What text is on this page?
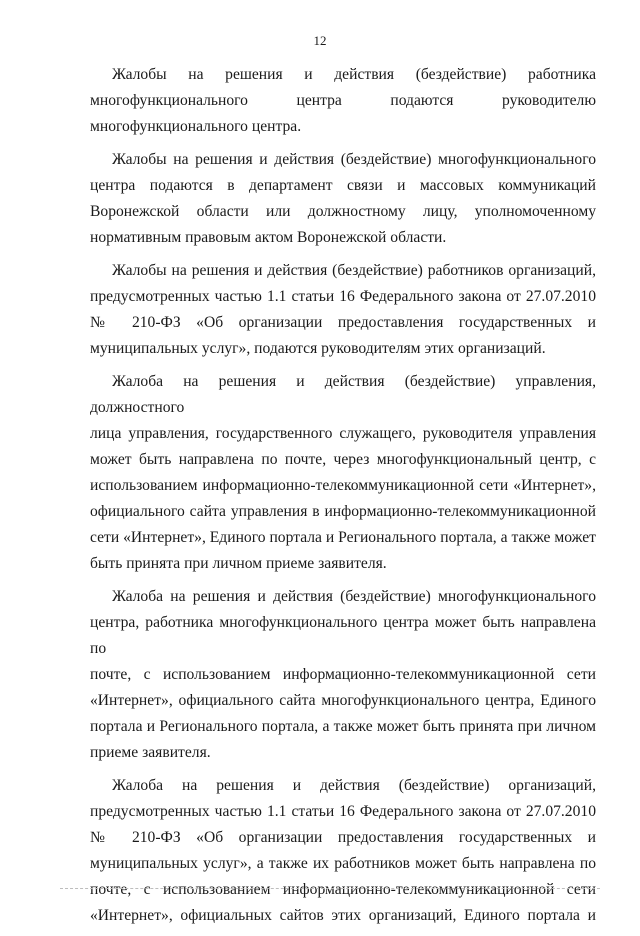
12
Жалобы на решения и действия (бездействие) работника
многофункционального центра подаются руководителю
многофункционального центра.
Жалобы на решения и действия (бездействие) многофункционального
центра подаются в департамент связи и массовых коммуникаций
Воронежской области или должностному лицу, уполномоченному
нормативным правовым актом Воронежской области.
Жалобы на решения и действия (бездействие) работников организаций,
предусмотренных частью 1.1 статьи 16 Федерального закона от 27.07.2010
№ 210-ФЗ «Об организации предоставления государственных и
муниципальных услуг», подаются руководителям этих организаций.
Жалоба на решения и действия (бездействие) управления, должностного
лица управления, государственного служащего, руководителя управления
может быть направлена по почте, через многофункциональный центр, с
использованием информационно-телекоммуникационной сети «Интернет»,
официального сайта управления в информационно-телекоммуникационной
сети «Интернет», Единого портала и Регионального портала, а также может
быть принята при личном приеме заявителя.
Жалоба на решения и действия (бездействие) многофункционального
центра, работника многофункционального центра может быть направлена по
почте, с использованием информационно-телекоммуникационной сети
«Интернет», официального сайта многофункционального центра, Единого
портала и Регионального портала, а также может быть принята при личном
приеме заявителя.
Жалоба на решения и действия (бездействие) организаций,
предусмотренных частью 1.1 статьи 16 Федерального закона от 27.07.2010
№ 210-ФЗ «Об организации предоставления государственных и
муниципальных услуг», а также их работников может быть направлена по
почте, с использованием информационно-телекоммуникационной сети
«Интернет», официальных сайтов этих организаций, Единого портала и
